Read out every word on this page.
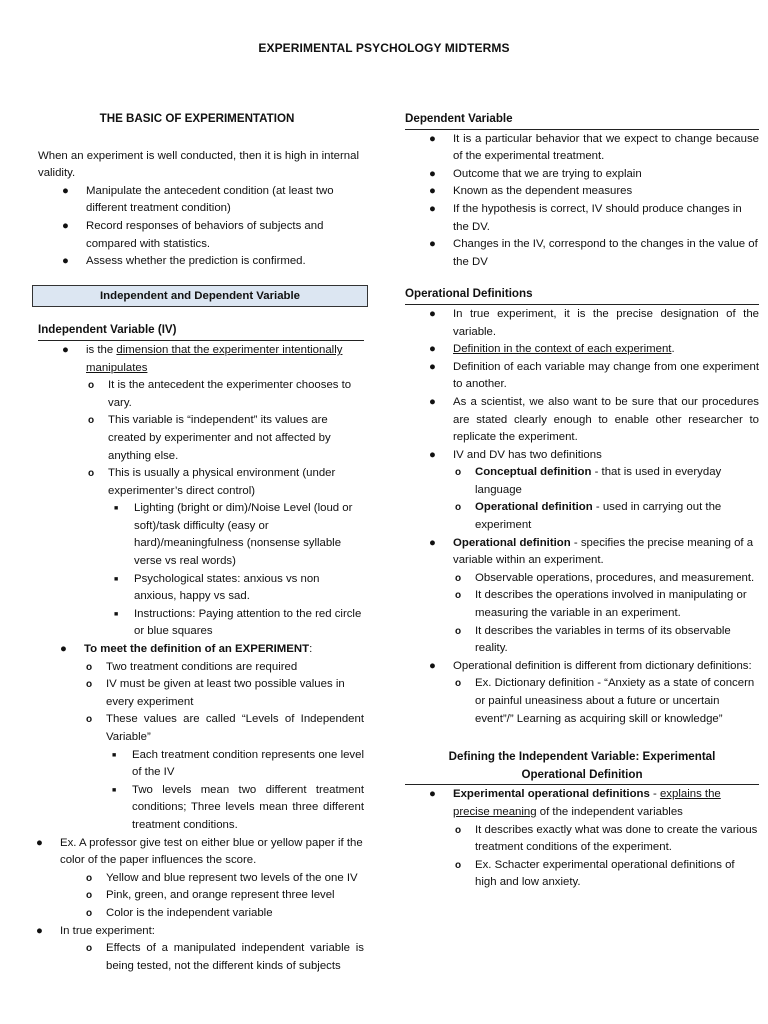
EXPERIMENTAL PSYCHOLOGY MIDTERMS
THE BASIC OF EXPERIMENTATION
When an experiment is well conducted, then it is high in internal validity.
● Manipulate the antecedent condition (at least two different treatment condition)
● Record responses of behaviors of subjects and compared with statistics.
● Assess whether the prediction is confirmed.
Independent and Dependent Variable
Independent Variable (IV)
● is the dimension that the experimenter intentionally manipulates
o It is the antecedent the experimenter chooses to vary.
o This variable is “independent” its values are created by experimenter and not affected by anything else.
o This is usually a physical environment (under experimenter’s direct control)
■ Lighting (bright or dim)/Noise Level (loud or soft)/task difficulty (easy or hard)/meaningfulness (nonsense syllable verse vs real words)
■ Psychological states: anxious vs non anxious, happy vs sad.
■ Instructions: Paying attention to the red circle or blue squares
● To meet the definition of an EXPERIMENT:
o Two treatment conditions are required
o IV must be given at least two possible values in every experiment
o These values are called “Levels of Independent Variable”
■ Each treatment condition represents one level of the IV
■ Two levels mean two different treatment conditions; Three levels mean three different treatment conditions.
● Ex. A professor give test on either blue or yellow paper if the color of the paper influences the score.
o Yellow and blue represent two levels of the one IV
o Pink, green, and orange represent three level
o Color is the independent variable
● In true experiment:
o Effects of a manipulated independent variable is being tested, not the different kinds of subjects
Dependent Variable
● It is a particular behavior that we expect to change because of the experimental treatment.
● Outcome that we are trying to explain
● Known as the dependent measures
● If the hypothesis is correct, IV should produce changes in the DV.
● Changes in the IV, correspond to the changes in the value of the DV
Operational Definitions
● In true experiment, it is the precise designation of the variable.
● Definition in the context of each experiment.
● Definition of each variable may change from one experiment to another.
● As a scientist, we also want to be sure that our procedures are stated clearly enough to enable other researcher to replicate the experiment.
● IV and DV has two definitions
o Conceptual definition - that is used in everyday language
o Operational definition - used in carrying out the experiment
● Operational definition - specifies the precise meaning of a variable within an experiment.
o Observable operations, procedures, and measurement.
o It describes the operations involved in manipulating or measuring the variable in an experiment.
o It describes the variables in terms of its observable reality.
● Operational definition is different from dictionary definitions:
o Ex. Dictionary definition - “Anxiety as a state of concern or painful uneasiness about a future or uncertain event”/” Learning as acquiring skill or knowledge”
Defining the Independent Variable: Experimental Operational Definition
● Experimental operational definitions - explains the precise meaning of the independent variables
o It describes exactly what was done to create the various treatment conditions of the experiment.
o Ex. Schacter experimental operational definitions of high and low anxiety.
